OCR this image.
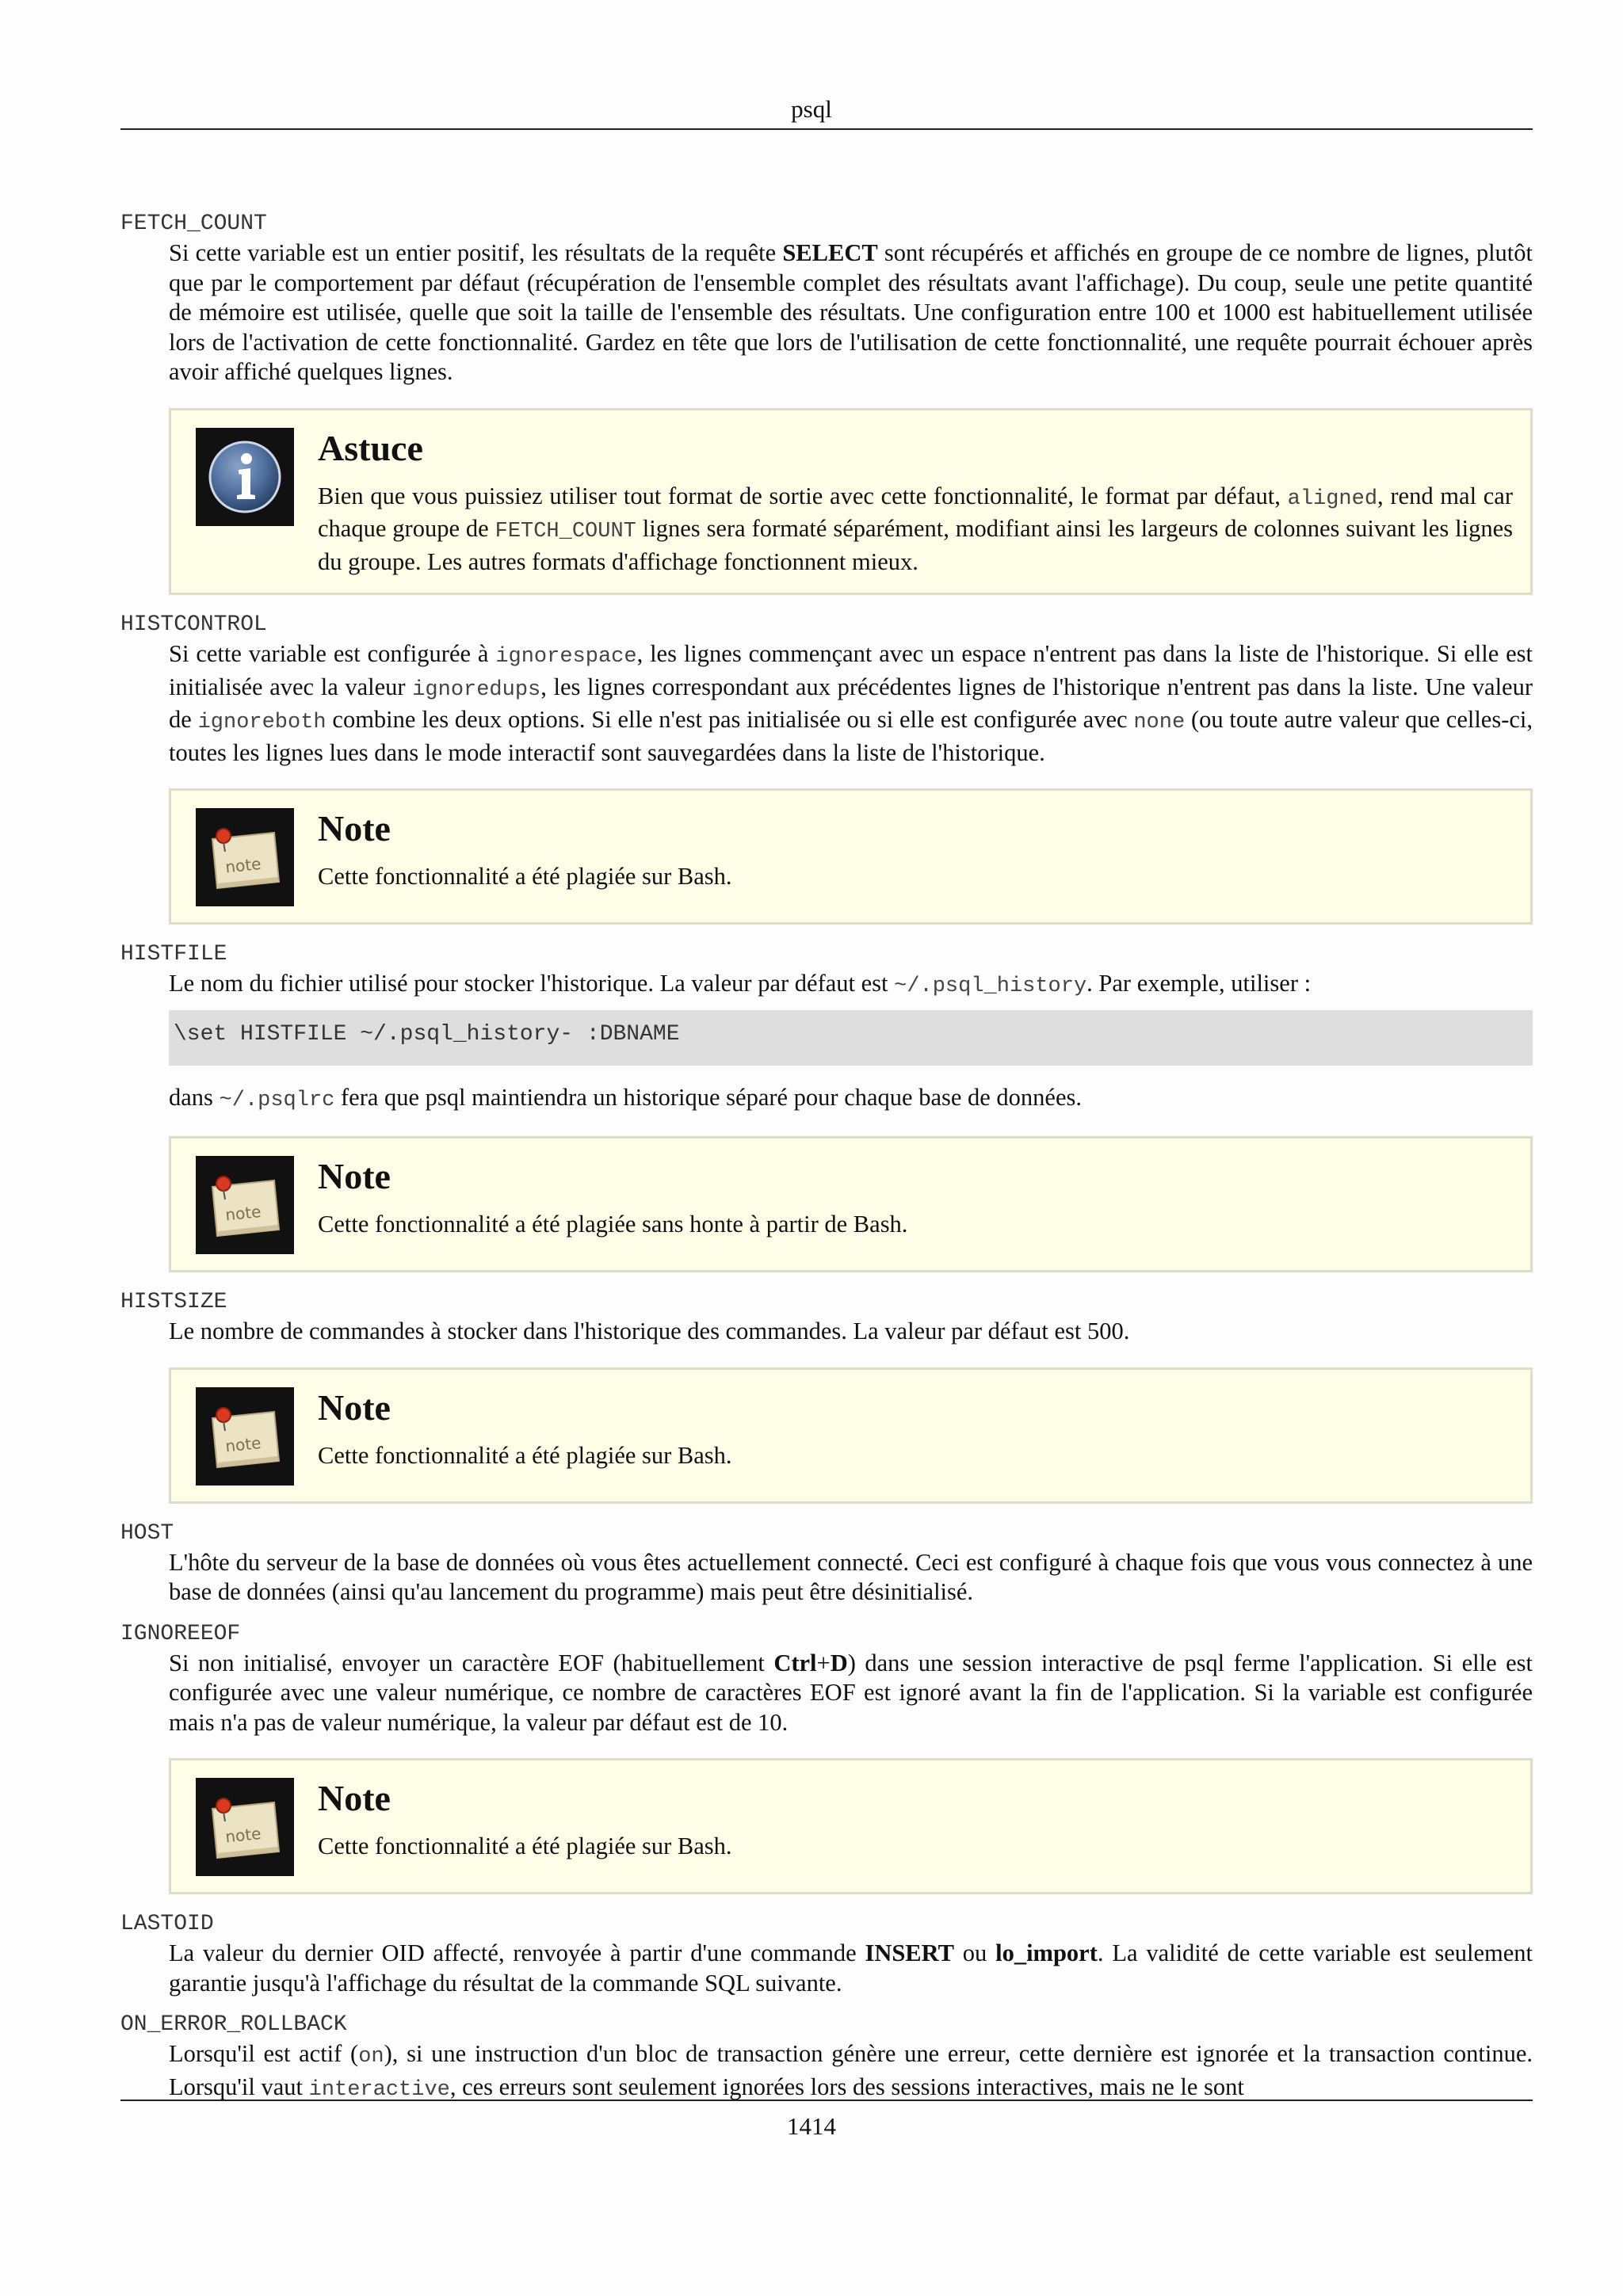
psql
FETCH_COUNT

Si cette variable est un entier positif, les résultats de la requête SELECT sont récupérés et affichés en groupe de ce nombre de lignes, plutôt que par le comportement par défaut (récupération de l'ensemble complet des résultats avant l'affichage). Du coup, seule une petite quantité de mémoire est utilisée, quelle que soit la taille de l'ensemble des résultats. Une configuration entre 100 et 1000 est habituellement utilisée lors de l'activation de cette fonctionnalité. Gardez en tête que lors de l'utilisation de cette fonctionnalité, une requête pourrait échouer après avoir affiché quelques lignes.

Astuce
Bien que vous puissiez utiliser tout format de sortie avec cette fonctionnalité, le format par défaut, aligned, rend mal car chaque groupe de FETCH_COUNT lignes sera formaté séparément, modifiant ainsi les largeurs de colonnes suivant les lignes du groupe. Les autres formats d'affichage fonctionnent mieux.
HISTCONTROL

Si cette variable est configurée à ignorespace, les lignes commençant avec un espace n'entrent pas dans la liste de l'historique. Si elle est initialisée avec la valeur ignoredups, les lignes correspondant aux précédentes lignes de l'historique n'entrent pas dans la liste. Une valeur de ignoreboth combine les deux options. Si elle n'est pas initialisée ou si elle est configurée avec none (ou toute autre valeur que celles-ci, toutes les lignes lues dans le mode interactif sont sauvegardées dans la liste de l'historique.

note
Note
Cette fonctionnalité a été plagiée sur Bash.
HISTFILE

Le nom du fichier utilisé pour stocker l'historique. La valeur par défaut est ~/.psql_history. Par exemple, utiliser :

\set HISTFILE ~/.psql_history- :DBNAME

dans ~/.psqlrc fera que psql maintiendra un historique séparé pour chaque base de données.

note
Note
Cette fonctionnalité a été plagiée sans honte à partir de Bash.
HISTSIZE

Le nombre de commandes à stocker dans l'historique des commandes. La valeur par défaut est 500.

note
Note
Cette fonctionnalité a été plagiée sur Bash.
HOST

L'hôte du serveur de la base de données où vous êtes actuellement connecté. Ceci est configuré à chaque fois que vous vous connectez à une base de données (ainsi qu'au lancement du programme) mais peut être désinitialisé.

IGNOREEOF

Si non initialisé, envoyer un caractère EOF (habituellement Ctrl+D) dans une session interactive de psql ferme l'application. Si elle est configurée avec une valeur numérique, ce nombre de caractères EOF est ignoré avant la fin de l'application. Si la variable est configurée mais n'a pas de valeur numérique, la valeur par défaut est de 10.

note
Note
Cette fonctionnalité a été plagiée sur Bash.
LASTOID

La valeur du dernier OID affecté, renvoyée à partir d'une commande INSERT ou lo_import. La validité de cette variable est seulement garantie jusqu'à l'affichage du résultat de la commande SQL suivante.

ON_ERROR_ROLLBACK

Lorsqu'il est actif (on), si une instruction d'un bloc de transaction génère une erreur, cette dernière est ignorée et la transaction continue. Lorsqu'il vaut interactive, ces erreurs sont seulement ignorées lors des sessions interactives, mais ne le sont

1414
